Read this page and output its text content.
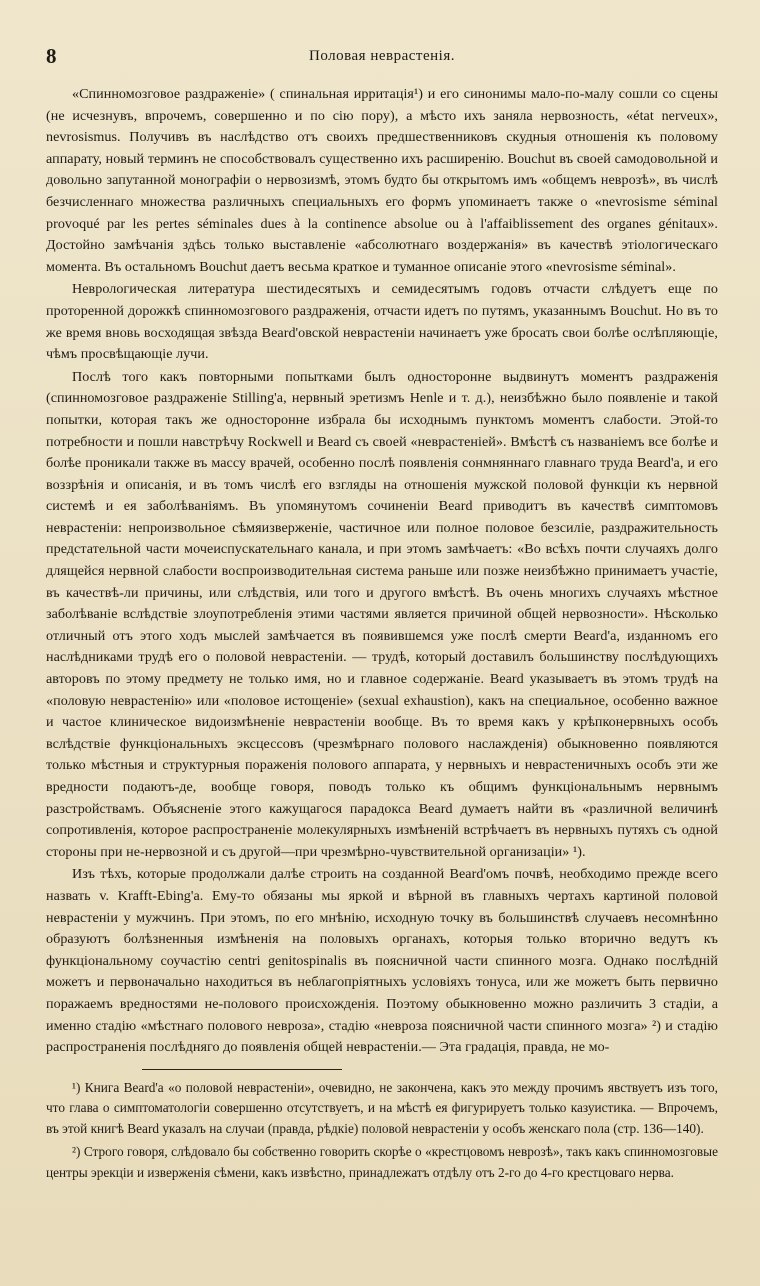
8	Половая неврастенія.

«Спинномозговое раздраженіе» ( спинальная ирритація¹) и его синонимы мало-по-малу сошли со сцены (не исчезнувъ, впрочемъ, совершенно и по сію пору), а мѣсто ихъ заняла нервозность, «état nerveux», nevrosismus. Получивъ въ наслѣдство отъ своихъ предшественниковъ скудныя отношенія къ половому аппарату, новый терминъ не способствовалъ существенно ихъ расширенію. Bouchut въ своей самодовольной и довольно запутанной монографіи о нервозизмѣ, этомъ будто бы открытомъ имъ «общемъ неврозѣ», въ числѣ безчисленнаго множества различныхъ специальныхъ его формъ упоминаетъ также о «nevrosisme séminal provoqué par les pertes séminales dues à la continence absolue ou à l'affaiblissement des organes génitaux». Достойно замѣчанія здѣсь только выставленіе «абсолютнаго воздержанія» въ качествѣ этіологическаго момента. Въ остальномъ Bouchut даетъ весьма краткое и туманное описаніе этого «nevrosisme séminal».

Неврологическая литература шестидесятыхъ и семидесятымъ годовъ отчасти слѣдуетъ еще по проторенной дорожкѣ спинномозгового раздраженія, отчасти идетъ по путямъ, указаннымъ Bouchut. Но въ то же время вновь восходящая звѣзда Beard'овской неврастеніи начинаетъ уже бросать свои болѣе ослѣпляющіе, чѣмъ просвѣщающіе лучи.

Послѣ того какъ повторными попытками былъ односторонне выдвинутъ моментъ раздраженія (спинномозговое раздраженіе Stilling'а, нервный эретизмъ Henle и т. д.), неизбѣжно было появленіе и такой попытки, которая такъ же односторонне избрала бы исходнымъ пунктомъ моментъ слабости. Этой-то потребности и пошли навстрѣчу Rockwell и Beard съ своей «неврастеніей». Вмѣстѣ съ названіемъ все болѣе и болѣе проникали также въ массу врачей, особенно послѣ появленія сонмняннаго главнаго труда Beard'а, и его воззрѣнія и описанія, и въ томъ числѣ его взгляды на отношенія мужской половой функціи къ нервной системѣ и ея заболѣваніямъ. Въ упомянутомъ сочиненіи Beard приводитъ въ качествѣ симптомовъ неврастеніи: непроизвольное сѣмяизверженіе, частичное или полное половое безсиліе, раздражительность предстательной части мочеиспускательнаго канала, и при этомъ замѣчаетъ: «Во всѣхъ почти случаяхъ долго длящейся нервной слабости воспроизводительная система раньше или позже неизбѣжно принимаетъ участіе, въ качествѣ-ли причины, или слѣдствія, или того и другого вмѣстѣ. Въ очень многихъ случаяхъ мѣстное заболѣваніе вслѣдствіе злоупотребленія этими частями является причиной общей нервозности». Нѣсколько отличный отъ этого ходъ мыслей замѣчается въ появившемся уже послѣ смерти Beard'а, изданномъ его наслѣдниками трудѣ его о половой неврастеніи. — трудѣ, который доставилъ большинству послѣдующихъ авторовъ по этому предмету не только имя, но и главное содержаніе. Beard указываетъ въ этомъ трудѣ на «половую неврастенію» или «половое истощеніе» (sexual exhaustion), какъ на специальное, особенно важное и частое клиническое видоизмѣненіе неврастеніи вообще. Въ то время какъ у крѣпконервныхъ особъ вслѣдствіе функціональныхъ эксцессовъ (чрезмѣрнаго полового наслажденія) обыкновенно появляются только мѣстныя и структурныя пораженія полового аппарата, у нервныхъ и неврастеничныхъ особъ эти же вредности подаютъ-де, вообще говоря, поводъ только къ общимъ функціональнымъ нервнымъ разстройствамъ. Объясненіе этого кажущагося парадокса Beard думаетъ найти въ «различной величинѣ сопротивленія, которое распространеніе молекулярныхъ измѣненій встрѣчаетъ въ нервныхъ путяхъ съ одной стороны при не-нервозной и съ другой—при чрезмѣрно-чувствительной организаціи» ¹).

Изъ тѣхъ, которые продолжали далѣе строить на созданной Beard'омъ почвѣ, необходимо прежде всего назвать v. Krafft-Ebing'а. Ему-то обязаны мы яркой и вѣрной въ главныхъ чертахъ картиной половой неврастеніи у мужчинъ. При этомъ, по его мнѣнію, исходную точку въ большинствѣ случаевъ несомнѣнно образуютъ болѣзненныя измѣненія на половыхъ органахъ, которыя только вторично ведутъ къ функціональному соучастію centri genitospinalis въ поясничной части спинного мозга. Однако послѣдній можетъ и первоначально находиться въ неблагопріятныхъ условіяхъ тонуса, или же можетъ быть первично поражаемъ вредностями не-полового происхожденія. Поэтому обыкновенно можно различить 3 стадіи, а именно стадію «мѣстнаго полового невроза», стадію «невроза поясничной части спинного мозга» ²) и стадію распространенія послѣдняго до появленія общей неврастеніи.— Эта градація, правда, не мо-

¹) Книга Beard'а «о половой неврастеніи», очевидно, не закончена, какъ это между прочимъ явствуетъ изъ того, что глава о симптоматологіи совершенно отсутствуетъ, и на мѣстѣ ея фигурируетъ только казуистика. — Впрочемъ, въ этой книгѣ Beard указалъ на случаи (правда, рѣдкіе) половой неврастеніи у особъ женскаго пола (стр. 136—140).

²) Строго говоря, слѣдовало бы собственно говорить скорѣе о «крестцовомъ неврозѣ», такъ какъ спинномозговые центры эрекціи и изверженія сѣмени, какъ извѣстно, принадлежатъ отдѣлу отъ 2-го до 4-го крестцоваго нерва.
